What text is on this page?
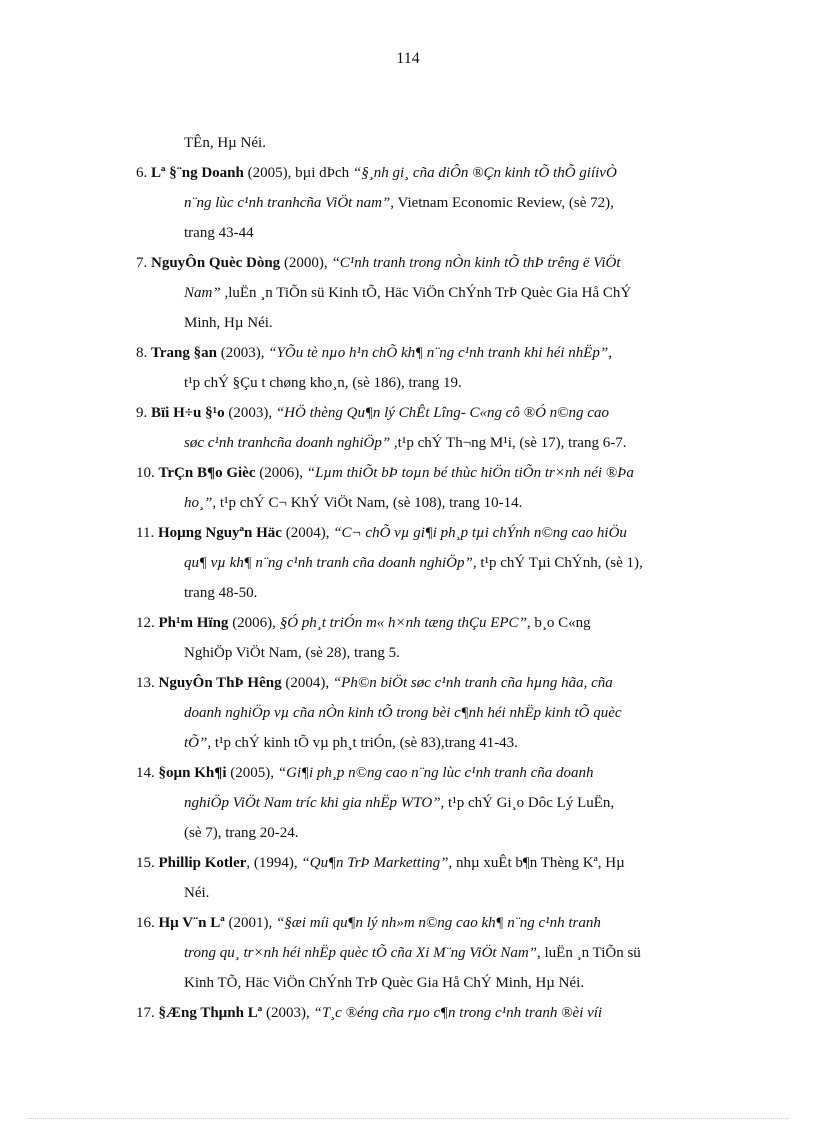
114
TÊn, Hµ Néi.
6. Lª §¨ng Doanh (2005), bµi dÞch “§¸nh gi¸ cña diÔn ®Çn kinh tÕ thÕ giíivÒ
n¨ng lùc c¹nh tranhcña ViÖt nam”, Vietnam Economic Review, (sè 72),
trang 43-44
7. NguyÔn Quèc Dòng (2000), “C¹nh tranh trong nÒn kinh tÕ thÞ trêng ë ViÖt
Nam” ,luËn ¸n TiÕn sü Kinh tÕ, Häc ViÖn ChÝnh TrÞ Quèc Gia Hå ChÝ
Minh, Hµ Néi.
8. Trang §an (2003), “YÕu tè nµo h¹n chÕ kh¶ n¨ng c¹nh tranh khi héi nhËp”,
t¹p chÝ §Çu t chøng kho¸n, (sè 186), trang 19.
9. Bïi H÷u §¹o (2003), “HÖ thèng Qu¶n lý ChÊt Lîng- C«ng cô ®Ó n©ng cao
søc c¹nh tranhcña doanh nghiÖp” ,t¹p chÝ Th¬ng M¹i, (sè 17), trang 6-7.
10. TrÇn B¶o Gièc (2006), “Lµm thiÕt bÞ toµn bé thùc hiÖn tiÕn tr×nh néi ®Þa
ho¸”, t¹p chÝ C¬ KhÝ ViÖt Nam, (sè 108), trang 10-14.
11. Hoµng Nguyªn Häc (2004), “C¬ chÕ vµ gi¶i ph¸p tµi chÝnh n©ng cao hiÖu
qu¶ vµ kh¶ n¨ng c¹nh tranh cña doanh nghiÖp”, t¹p chÝ Tµi ChÝnh, (sè 1),
trang 48-50.
12. Ph¹m Hïng (2006), §Ó ph¸t triÓn m« h×nh tæng thÇu EPC”, b¸o C«ng
NghiÖp ViÖt Nam, (sè 28), trang 5.
13. NguyÔn ThÞ Hêng (2004), “Ph©n biÖt søc c¹nh tranh cña hµng hãa, cña
doanh nghiÖp vµ cña nÒn kinh tÕ trong bèi c¶nh héi nhËp kinh tÕ quèc
tÕ”, t¹p chÝ kinh tÕ vµ ph¸t triÓn, (sè 83),trang 41-43.
14. §oµn Kh¶i (2005), “Gi¶i ph¸p n©ng cao n¨ng lùc c¹nh tranh cña doanh
nghiÖp ViÖt Nam tríc khi gia nhËp WTO”, t¹p chÝ Gi¸o Dôc Lý LuËn,
(sè 7), trang 20-24.
15. Phillip Kotler, (1994), “Qu¶n TrÞ Marketting”, nhµ xuÊt b¶n Thèng Kª, Hµ
Néi.
16. Hµ V¨n Lª (2001), “§æi míi qu¶n lý nh»m n©ng cao kh¶ n¨ng c¹nh tranh
trong qu¸ tr×nh héi nhËp quèc tÕ cña Xi M¨ng ViÖt Nam”, luËn ¸n TiÕn sü
Kinh TÕ, Häc ViÖn ChÝnh TrÞ Quèc Gia Hå ChÝ Minh, Hµ Néi.
17. §Æng Thµnh Lª (2003), “T¸c ®éng cña rµo c¶n trong c¹nh tranh ®èi víi
